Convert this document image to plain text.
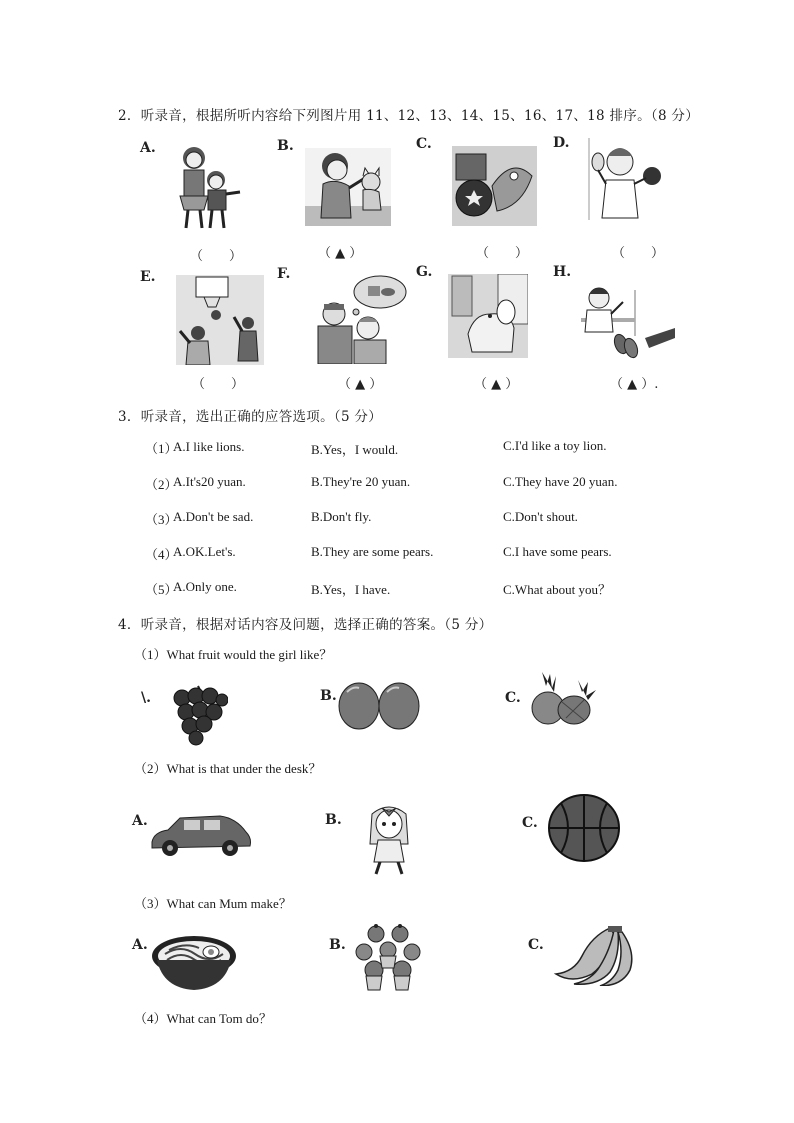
2．听录音，根据所听内容给下列图片用 11、12、13、14、15、16、17、18 排序。（8 分）
A.	B.	C.	D.
（　　）	（ ▲ ）	（　　）	（　　）
E.	F.	G.	H.
（　　）	（ ▲ ）	（ ▲ ）	（ ▲ ）.
3．听录音，选出正确的应答选项。（5 分）
（1）
A.I like lions.	B.Yes，I would.	C.I'd like a toy lion.
（2）
A.It's20 yuan.	B.They're 20 yuan.	C.They have 20 yuan.
（3）
A.Don't be sad.	B.Don't fly.	C.Don't shout.
（4）
A.OK.Let's.	B.They are some pears.	C.I have some pears.
（5）
A.Only one.	B.Yes，I have.	C.What about you？
4．听录音，根据对话内容及问题，选择正确的答案。（5 分）
（1）What fruit would the girl like？
\.	B.	C.
（2）What is that under the desk？
A.	B.	C.
（3）What can Mum make？
A.	B.	C.
（4）What can Tom do？
